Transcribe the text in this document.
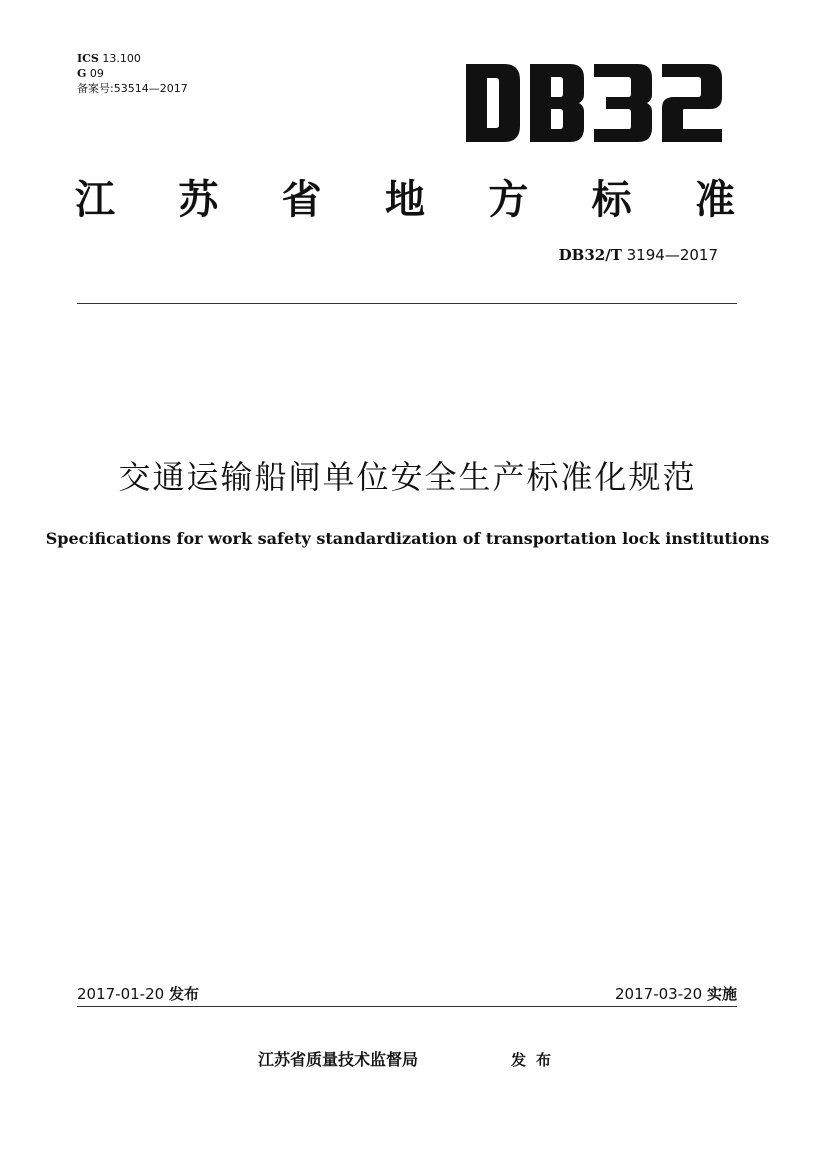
ICS 13.100
G 09
备案号:53514—2017
江 苏 省 地 方 标 准
DB32/T 3194—2017
交通运输船闸单位安全生产标准化规范
Specifications for work safety standardization of transportation lock institutions
2017-01-20 发布	2017-03-20 实施
江苏省质量技术监督局	发布
